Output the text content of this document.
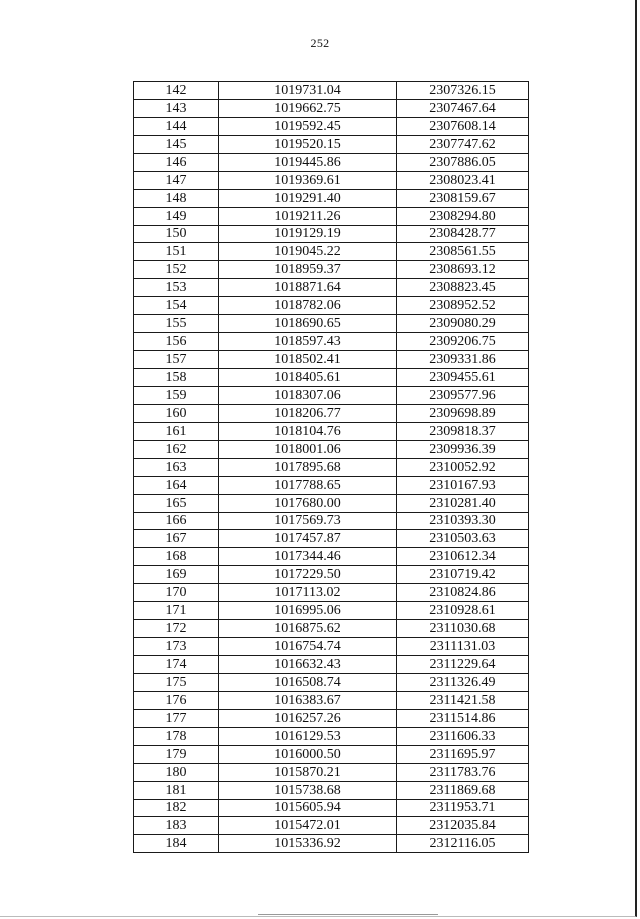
252
142	1019731.04	2307326.15
143	1019662.75	2307467.64
144	1019592.45	2307608.14
145	1019520.15	2307747.62
146	1019445.86	2307886.05
147	1019369.61	2308023.41
148	1019291.40	2308159.67
149	1019211.26	2308294.80
150	1019129.19	2308428.77
151	1019045.22	2308561.55
152	1018959.37	2308693.12
153	1018871.64	2308823.45
154	1018782.06	2308952.52
155	1018690.65	2309080.29
156	1018597.43	2309206.75
157	1018502.41	2309331.86
158	1018405.61	2309455.61
159	1018307.06	2309577.96
160	1018206.77	2309698.89
161	1018104.76	2309818.37
162	1018001.06	2309936.39
163	1017895.68	2310052.92
164	1017788.65	2310167.93
165	1017680.00	2310281.40
166	1017569.73	2310393.30
167	1017457.87	2310503.63
168	1017344.46	2310612.34
169	1017229.50	2310719.42
170	1017113.02	2310824.86
171	1016995.06	2310928.61
172	1016875.62	2311030.68
173	1016754.74	2311131.03
174	1016632.43	2311229.64
175	1016508.74	2311326.49
176	1016383.67	2311421.58
177	1016257.26	2311514.86
178	1016129.53	2311606.33
179	1016000.50	2311695.97
180	1015870.21	2311783.76
181	1015738.68	2311869.68
182	1015605.94	2311953.71
183	1015472.01	2312035.84
184	1015336.92	2312116.05
